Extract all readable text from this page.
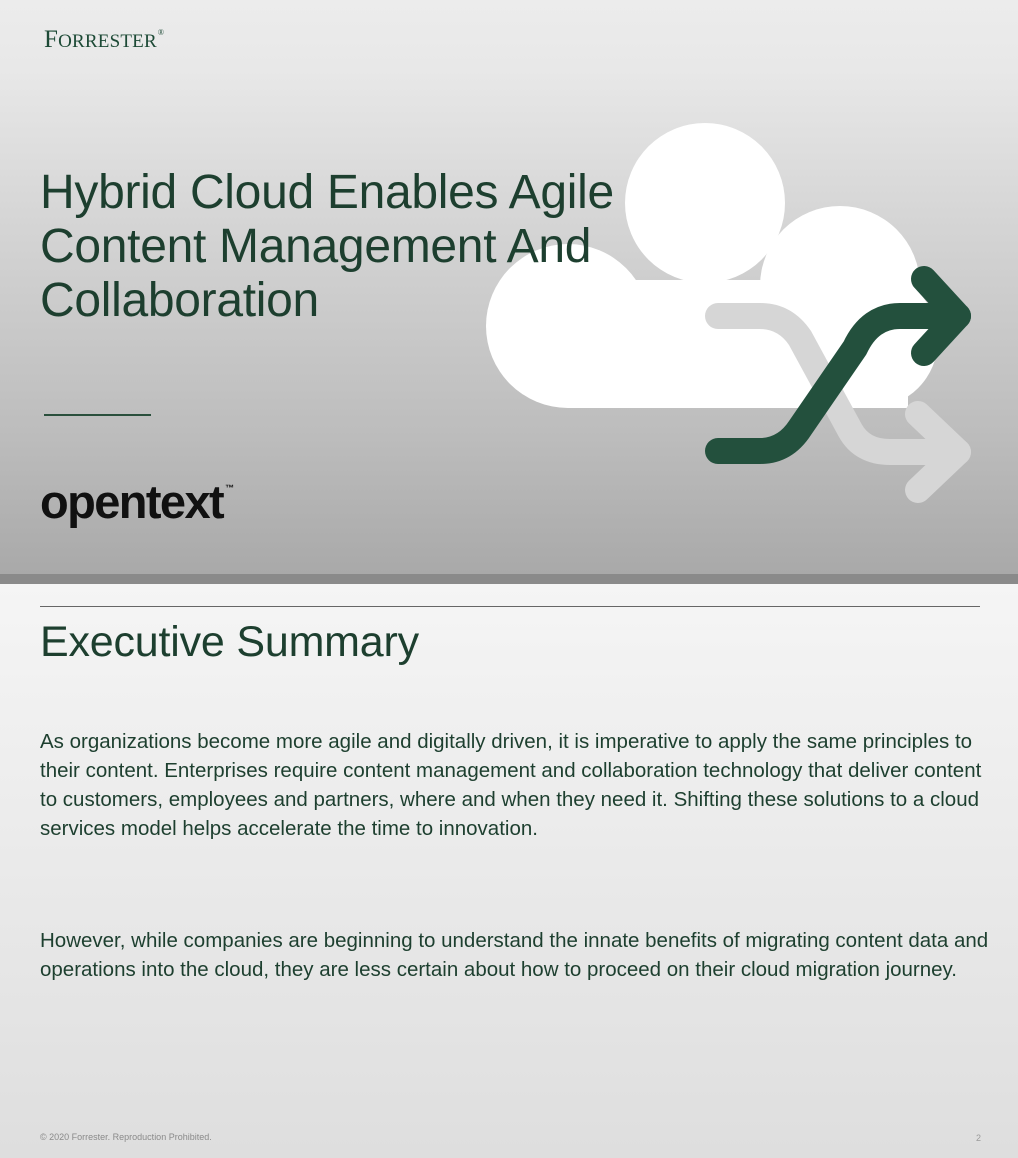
FORRESTER®
Hybrid Cloud Enables Agile Content Management And Collaboration
opentext ™
Executive Summary

As organizations become more agile and digitally driven, it is imperative to apply the same principles to their content. Enterprises require content management and collaboration technology that deliver content to customers, employees and partners, where and when they need it. Shifting these solutions to a cloud services model helps accelerate the time to innovation.

However, while companies are beginning to understand the innate benefits of migrating content data and operations into the cloud, they are less certain about how to proceed on their cloud migration journey.

© 2020 Forrester. Reproduction Prohibited.	2
